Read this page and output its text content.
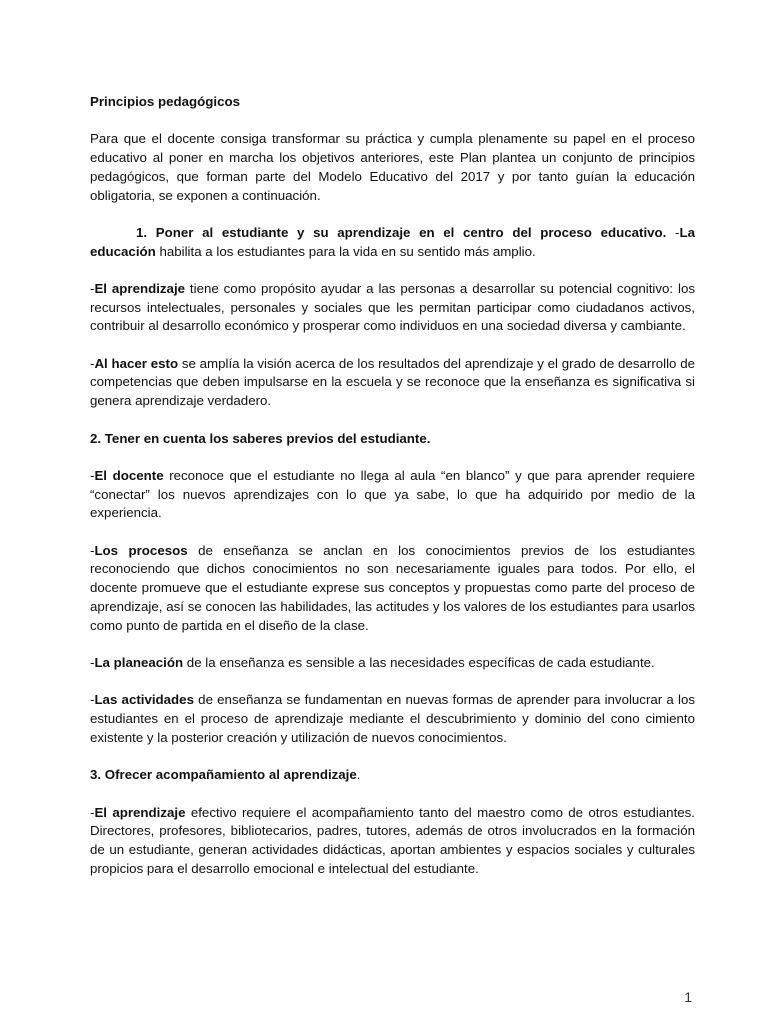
Principios pedagógicos

Para que el docente consiga transformar su práctica y cumpla plenamente su papel en el proceso educativo al poner en marcha los objetivos anteriores, este Plan plantea un conjunto de principios pedagógicos, que forman parte del Modelo Educativo del 2017 y por tanto guían la educación obligatoria, se exponen a continuación.

1. Poner al estudiante y su aprendizaje en el centro del proceso educativo. -La educación habilita a los estudiantes para la vida en su sentido más amplio.

-El aprendizaje tiene como propósito ayudar a las personas a desarrollar su potencial cognitivo: los recursos intelectuales, personales y sociales que les permitan participar como ciudadanos activos, contribuir al desarrollo económico y prosperar como individuos en una sociedad diversa y cambiante.

-Al hacer esto se amplía la visión acerca de los resultados del aprendizaje y el grado de desarrollo de competencias que deben impulsarse en la escuela y se reconoce que la enseñanza es significativa si genera aprendizaje verdadero.

2. Tener en cuenta los saberes previos del estudiante.

-El docente reconoce que el estudiante no llega al aula “en blanco” y que para aprender requiere “conectar” los nuevos aprendizajes con lo que ya sabe, lo que ha adquirido por medio de la experiencia.

-Los procesos de enseñanza se anclan en los conocimientos previos de los estudiantes reconociendo que dichos conocimientos no son necesariamente iguales para todos. Por ello, el docente promueve que el estudiante exprese sus conceptos y propuestas como parte del proceso de aprendizaje, así se conocen las habilidades, las actitudes y los valores de los estudiantes para usarlos como punto de partida en el diseño de la clase.

-La planeación de la enseñanza es sensible a las necesidades específicas de cada estudiante.

-Las actividades de enseñanza se fundamentan en nuevas formas de aprender para involucrar a los estudiantes en el proceso de aprendizaje mediante el descubrimiento y dominio del cono cimiento existente y la posterior creación y utilización de nuevos conocimientos.

3. Ofrecer acompañamiento al aprendizaje.

-El aprendizaje efectivo requiere el acompañamiento tanto del maestro como de otros estudiantes. Directores, profesores, bibliotecarios, padres, tutores, además de otros involucrados en la formación de un estudiante, generan actividades didácticas, aportan ambientes y espacios sociales y culturales propicios para el desarrollo emocional e intelectual del estudiante.

1
